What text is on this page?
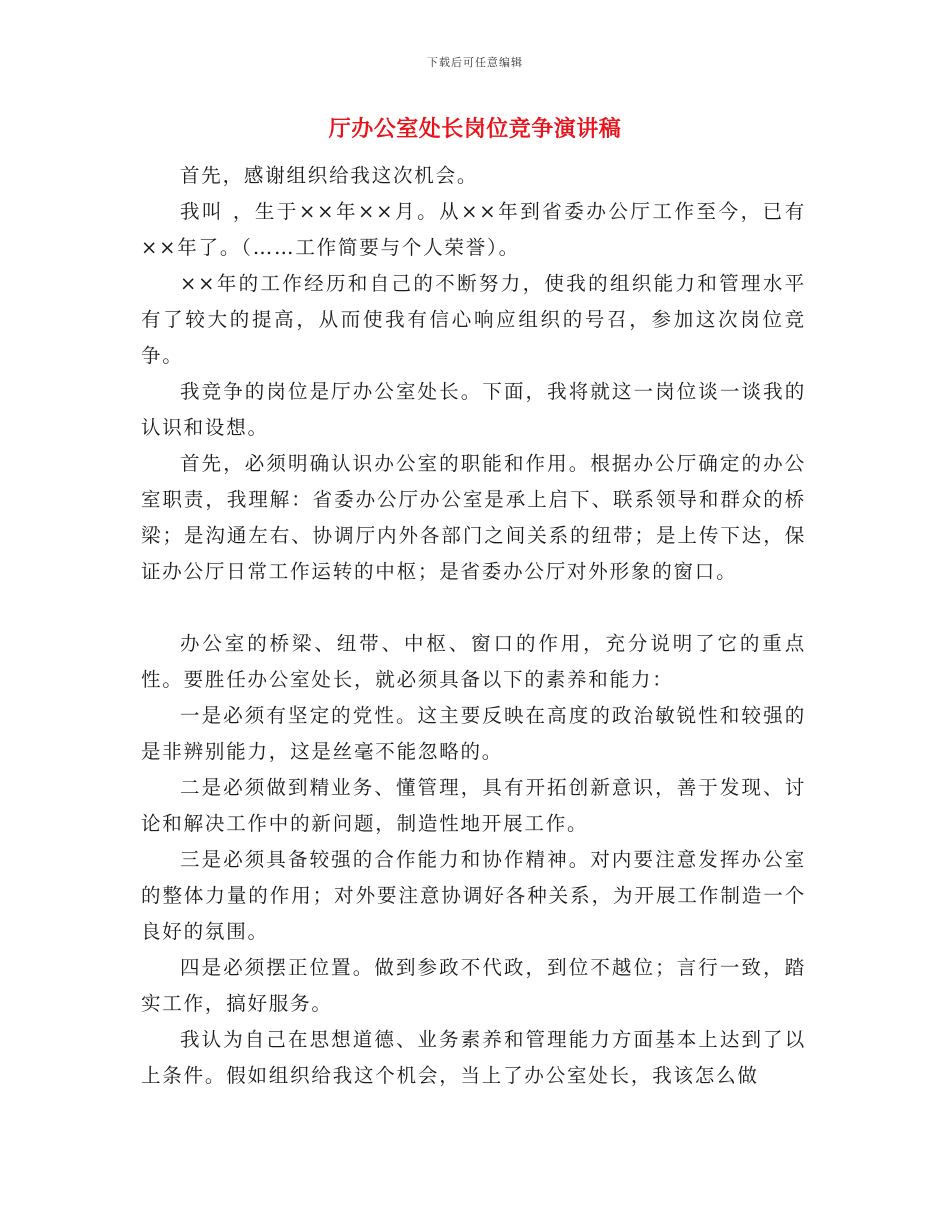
下载后可任意编辑
厅办公室处长岗位竞争演讲稿

首先，感谢组织给我这次机会。

我叫 ，生于××年××月。从××年到省委办公厅工作至今，已有××年了。（……工作简要与个人荣誉）。

××年的工作经历和自己的不断努力，使我的组织能力和管理水平有了较大的提高，从而使我有信心响应组织的号召，参加这次岗位竞争。

我竞争的岗位是厅办公室处长。下面，我将就这一岗位谈一谈我的认识和设想。

首先，必须明确认识办公室的职能和作用。根据办公厅确定的办公室职责，我理解：省委办公厅办公室是承上启下、联系领导和群众的桥梁；是沟通左右、协调厅内外各部门之间关系的纽带；是上传下达，保证办公厅日常工作运转的中枢；是省委办公厅对外形象的窗口。

办公室的桥梁、纽带、中枢、窗口的作用，充分说明了它的重点性。要胜任办公室处长，就必须具备以下的素养和能力：

一是必须有坚定的党性。这主要反映在高度的政治敏锐性和较强的是非辨别能力，这是丝毫不能忽略的。

二是必须做到精业务、懂管理，具有开拓创新意识，善于发现、讨论和解决工作中的新问题，制造性地开展工作。

三是必须具备较强的合作能力和协作精神。对内要注意发挥办公室的整体力量的作用；对外要注意协调好各种关系，为开展工作制造一个良好的氛围。

四是必须摆正位置。做到参政不代政，到位不越位；言行一致，踏实工作，搞好服务。

我认为自己在思想道德、业务素养和管理能力方面基本上达到了以上条件。假如组织给我这个机会，当上了办公室处长，我该怎么做
